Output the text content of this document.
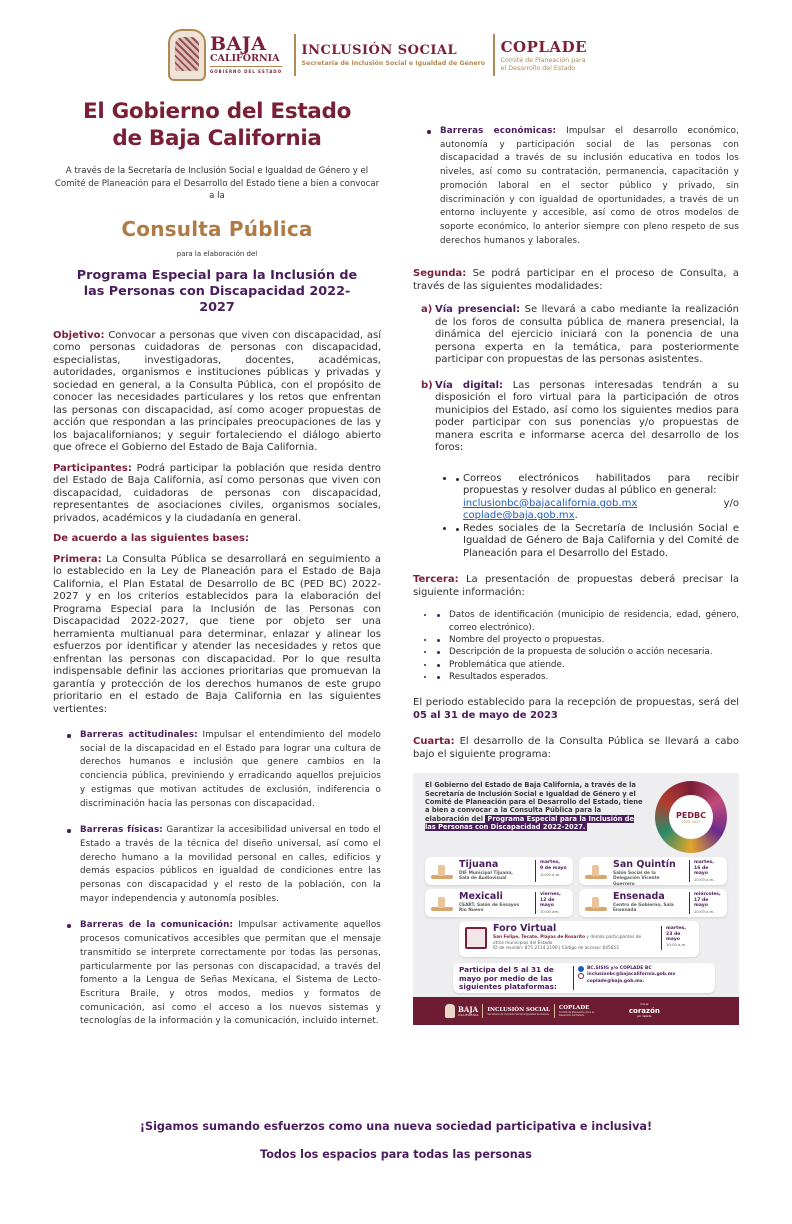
BAJA
CALIFORNIA
GOBIERNO DEL ESTADO
INCLUSIÓN SOCIAL
Secretaría de Inclusión Social e Igualdad de Género
COPLADE
Comité de Planeación para
el Desarrollo del Estado
El Gobierno del Estado
de Baja California

A través de la Secretaría de Inclusión Social e Igualdad de Género y el Comité de Planeación para el Desarrollo del Estado tiene a bien a convocar a la

Consulta Pública
para la elaboración del
Programa Especial para la Inclusión de las Personas con Discapacidad 2022-2027

Objetivo: Convocar a personas que viven con discapacidad, así como personas cuidadoras de personas con discapacidad, especialistas, investigadoras, docentes, académicas, autoridades, organismos e instituciones públicas y privadas y sociedad en general, a la Consulta Pública, con el propósito de conocer las necesidades particulares y los retos que enfrentan las personas con discapacidad, así como acoger propuestas de acción que respondan a las principales preocupaciones de las y los bajacalifornianos; y seguir fortaleciendo el diálogo abierto que ofrece el Gobierno del Estado de Baja California.

Participantes: Podrá participar la población que resida dentro del Estado de Baja California, así como personas que viven con discapacidad, cuidadoras de personas con discapacidad, representantes de asociaciones civiles, organismos sociales, privados, académicos y la ciudadanía en general.

De acuerdo a las siguientes bases:

Primera: La Consulta Pública se desarrollará en seguimiento a lo establecido en la Ley de Planeación para el Estado de Baja California, el Plan Estatal de Desarrollo de BC (PED BC) 2022-2027 y en los criterios establecidos para la elaboración del Programa Especial para la Inclusión de las Personas con Discapacidad 2022-2027, que tiene por objeto ser una herramienta multianual para determinar, enlazar y alinear los esfuerzos por identificar y atender las necesidades y retos que enfrentan las personas con discapacidad. Por lo que resulta indispensable definir las acciones prioritarias que promuevan la garantía y protección de los derechos humanos de este grupo prioritario en el estado de Baja California en las siguientes vertientes:

Barreras actitudinales: Impulsar el entendimiento del modelo social de la discapacidad en el Estado para lograr una cultura de derechos humanos e inclusión que genere cambios en la conciencia pública, previniendo y erradicando aquellos prejuicios y estigmas que motivan actitudes de exclusión, indiferencia o discriminación hacia las personas con discapacidad.
Barreras físicas: Garantizar la accesibilidad universal en todo el Estado a través de la técnica del diseño universal, así como el derecho humano a la movilidad personal en calles, edificios y demás espacios públicos en igualdad de condiciones entre las personas con discapacidad y el resto de la población, con la mayor independencia y autonomía posibles.
Barreras de la comunicación: Impulsar activamente aquellos procesos comunicativos accesibles que permitan que el mensaje transmitido se interprete correctamente por todas las personas, particularmente por las personas con discapacidad, a través del fomento a la Lengua de Señas Mexicana, el Sistema de Lecto-Escritura Braile, y otros modos, medios y formatos de comunicación, así como el acceso a los nuevos sistemas y tecnologías de la información y la comunicación, incluido internet.
Barreras económicas: Impulsar el desarrollo económico, autonomía y participación social de las personas con discapacidad a través de su inclusión educativa en todos los niveles, así como su contratación, permanencia, capacitación y promoción laboral en el sector público y privado, sin discriminación y con igualdad de oportunidades, a través de un entorno incluyente y accesible, así como de otros modelos de soporte económico, lo anterior siempre con pleno respeto de sus derechos humanos y laborales.

Segunda: Se podrá participar en el proceso de Consulta, a través de las siguientes modalidades:

a) Vía presencial: Se llevará a cabo mediante la realización de los foros de consulta pública de manera presencial, la dinámica del ejercicio iniciará con la ponencia de una persona experta en la temática, para posteriormente participar con propuestas de las personas asistentes.
b) Vía digital: Las personas interesadas tendrán a su disposición el foro virtual para la participación de otros municipios del Estado, así como los siguientes medios para poder participar con sus ponencias y/o propuestas de manera escrita e informarse acerca del desarrollo de los foros:
• Correos electrónicos habilitados para recibir propuestas y resolver dudas al público en general:
inclusionbc@bajacalifornia.gob.mx	y/o
coplade@baja.gob.mx.
• Redes sociales de la Secretaría de Inclusión Social e Igualdad de Género de Baja California y del Comité de Planeación para el Desarrollo del Estado.

Tercera: La presentación de propuestas deberá precisar la siguiente información:

• Datos de identificación (municipio de residencia, edad, género, correo electrónico).
• Nombre del proyecto o propuestas.
• Descripción de la propuesta de solución o acción necesaria.
• Problemática que atiende.
• Resultados esperados.

El periodo establecido para la recepción de propuestas, será del 05 al 31 de mayo de 2023

Cuarta: El desarrollo de la Consulta Pública se llevará a cabo bajo el siguiente programa:

El Gobierno del Estado de Baja California, a través de la Secretaría de Inclusión Social e Igualdad de Género y el Comité de Planeación para el Desarrollo del Estado, tiene a bien a convocar a la Consulta Pública para la elaboración del Programa Especial para la Inclusión de las Personas con Discapacidad 2022-2027.
PEDBC
2022-2027
Tijuana
DIF Municipal Tijuana, Sala de Audiovisual
martes,
9 de mayo
10:00 a.m.
San Quintín
Salón Social de la Delegación Vicente Guerrero
martes,
16 de mayo
10:00 a.m.
Mexicali
CEART, Salón de Ensayos Río Nuevo
viernes,
12 de mayo
10:00 am.
Ensenada
Centro de Gobierno, Sala Ensenada
miércoles,
17 de mayo
10:00 a.m.
Foro Virtual
San Felipe, Tecate, Playas de Rosarito y demás participantes de otros municipios del Estado
ID de reunión: 875 2114 2190 | Código de acceso: 645653
martes,
23 de mayo
10:00 a.m.
Participa del 5 al 31 de mayo por medio de las siguientes plataformas:
BC.SISIG y/o COPLADE BC
inclusionbc@bajacalifornia.gob.mx
coplade@baja.gob.mx.
BAJA
CALIFORNIA
INCLUSIÓN SOCIAL
Secretaría de Inclusión Social e Igualdad de Género
COPLADE
Comité de Planeación para el Desarrollo del Estado
Con el
corazón
por delante
¡Sigamos sumando esfuerzos como una nueva sociedad participativa e inclusiva!
Todos los espacios para todas las personas
